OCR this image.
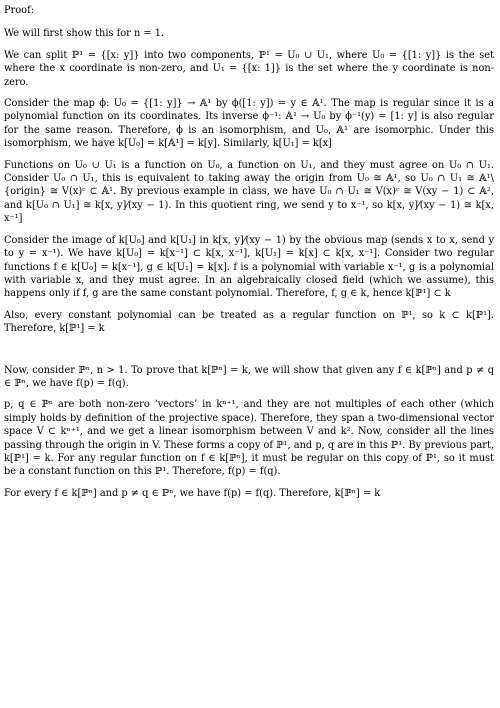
Proof:

We will first show this for n = 1.

We can split ℙ¹ = {[x: y]} into two components, ℙ¹ = U₀ ∪ U₁, where U₀ = {[1: y]} is the set where the x coordinate is non-zero, and U₁ = {[x: 1]} is the set where the y coordinate is non-zero.

Consider the map ϕ: U₀ = {[1: y]} → 𝔸¹ by ϕ([1: y]) = y ∈ 𝔸¹. The map is regular since it is a polynomial function on its coordinates. Its inverse ϕ⁻¹: 𝔸¹ → U₀ by ϕ⁻¹(y) = [1: y] is also regular for the same reason. Therefore, ϕ is an isomorphism, and U₀, 𝔸¹ are isomorphic. Under this isomorphism, we have k[U₀] = k[𝔸¹] = k[y]. Similarly, k[U₁] = k[x]

Functions on U₀ ∪ U₁ is a function on U₀, a function on U₁, and they must agree on U₀ ∩ U₁. Consider U₀ ∩ U₁, this is equivalent to taking away the origin from U₀ ≅ 𝔸¹, so U₀ ∩ U₁ ≅ 𝔸¹\{origin} ≅ V(x)ᶜ ⊂ 𝔸¹. By previous example in class, we have U₀ ∩ U₁ ≅ V(x)ᶜ ≅ V(xy − 1) ⊂ 𝔸², and k[U₀ ∩ U₁] ≅ k[x, y]⁄(xy − 1). In this quotient ring, we send y to x⁻¹, so k[x, y]⁄(xy − 1) ≅ k[x, x⁻¹]

Consider the image of k[U₀] and k[U₁] in k[x, y]⁄(xy − 1) by the obvious map (sends x to x, send y to y = x⁻¹). We have k[U₀] = k[x⁻¹] ⊂ k[x, x⁻¹], k[U₁] = k[x] ⊂ k[x, x⁻¹]. Consider two regular functions f ∈ k[U₀] = k[x⁻¹], g ∈ k[U₁] = k[x]. f is a polynomial with variable x⁻¹, g is a polynomial with variable x, and they must agree. In an algebraically closed field (which we assume), this happens only if f, g are the same constant polynomial. Therefore, f, g ∈ k, hence k[ℙ¹] ⊂ k

Also, every constant polynomial can be treated as a regular function on ℙ¹, so k ⊂ k[ℙ¹]. Therefore, k[ℙ¹] = k

Now, consider ℙⁿ, n > 1. To prove that k[ℙⁿ] = k, we will show that given any f ∈ k[ℙⁿ] and p ≠ q ∈ ℙⁿ, we have f(p) = f(q).

p, q ∈ ℙⁿ are both non-zero ‘vectors’ in kⁿ⁺¹, and they are not multiples of each other (which simply holds by definition of the projective space). Therefore, they span a two-dimensional vector space V ⊂ kⁿ⁺¹, and we get a linear isomorphism between V and k². Now, consider all the lines passing through the origin in V. These forms a copy of ℙ¹, and p, q are in this ℙ¹. By previous part, k[ℙ¹] = k. For any regular function on f ∈ k[ℙⁿ], it must be regular on this copy of ℙ¹, so it must be a constant function on this ℙ¹. Therefore, f(p) = f(q).

For every f ∈ k[ℙⁿ] and p ≠ q ∈ ℙⁿ, we have f(p) = f(q). Therefore, k[ℙⁿ] = k
